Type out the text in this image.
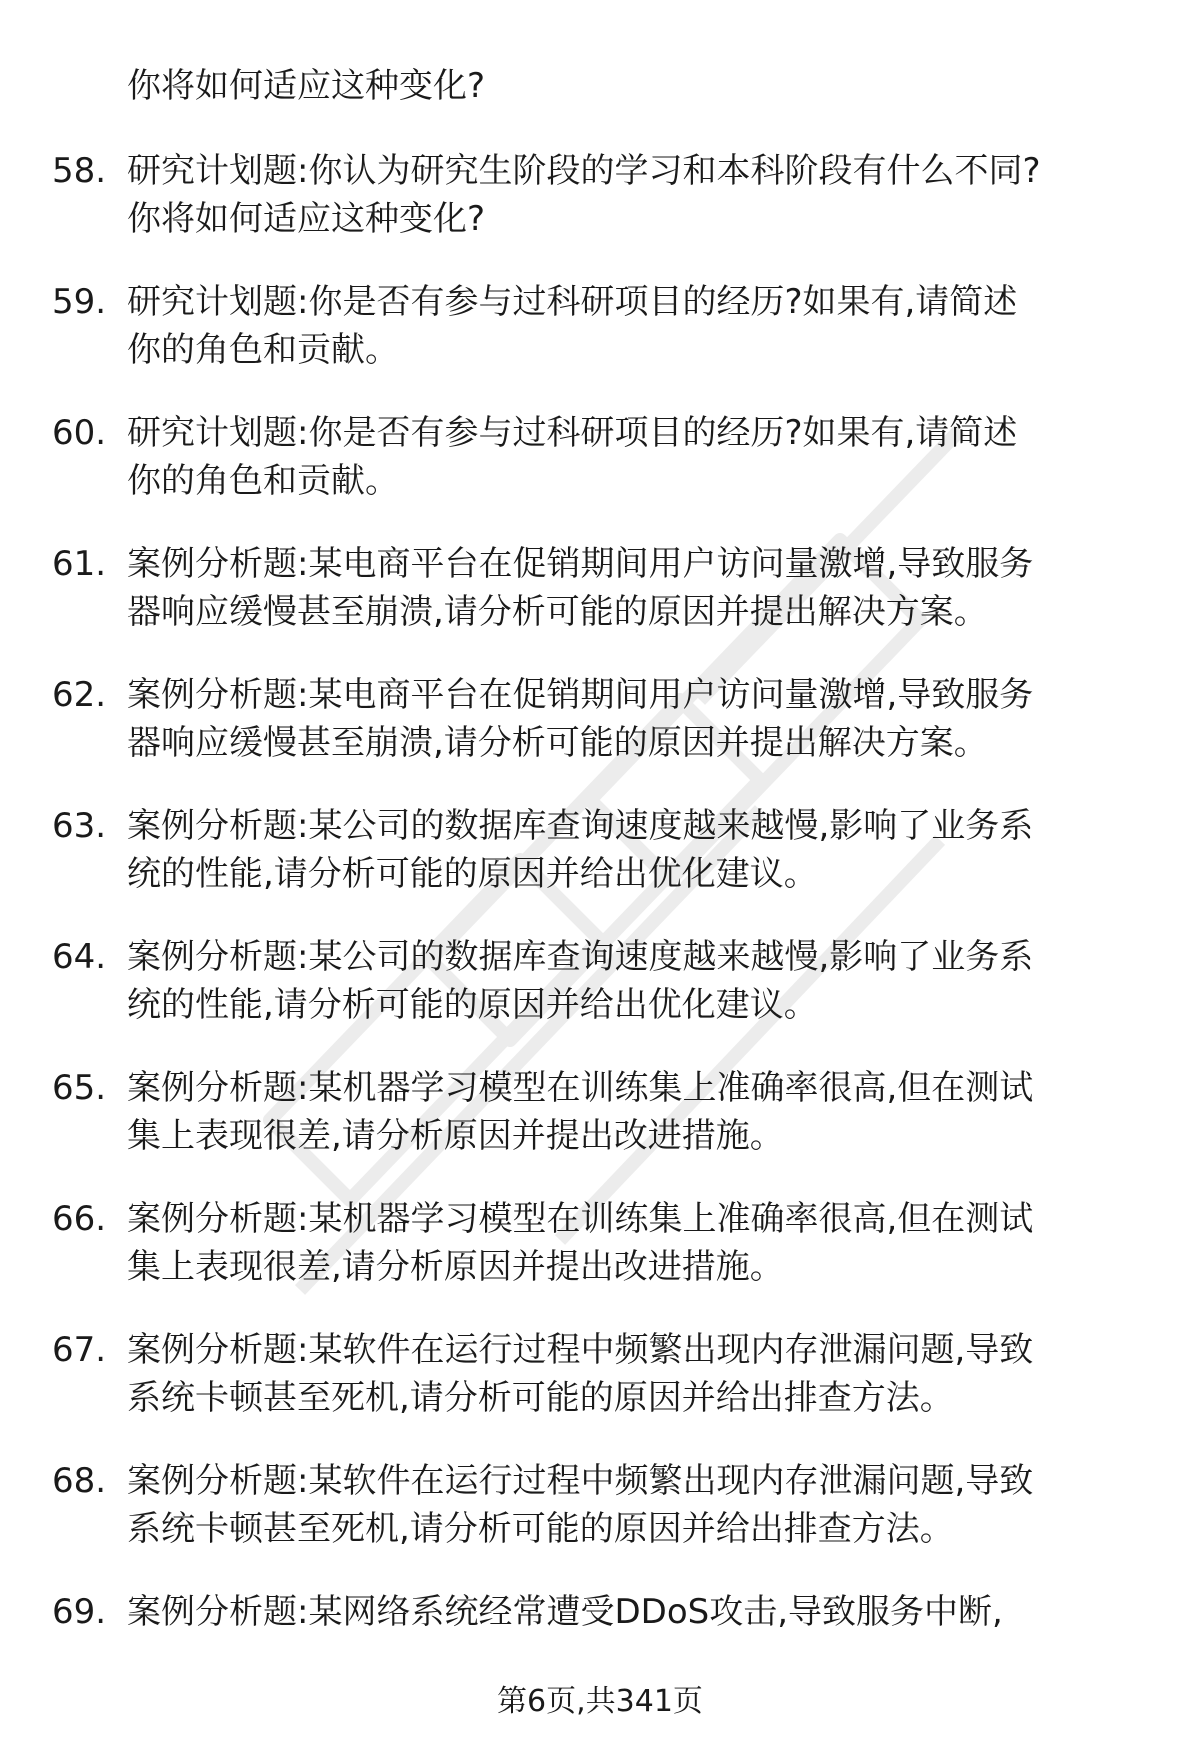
你将如何适应这种变化?
58. 研究计划题:你认为研究生阶段的学习和本科阶段有什么不同?
你将如何适应这种变化?
59. 研究计划题:你是否有参与过科研项目的经历?如果有,请简述
你的角色和贡献。
60. 研究计划题:你是否有参与过科研项目的经历?如果有,请简述
你的角色和贡献。
61. 案例分析题:某电商平台在促销期间用户访问量激增,导致服务
器响应缓慢甚至崩溃,请分析可能的原因并提出解决方案。
62. 案例分析题:某电商平台在促销期间用户访问量激增,导致服务
器响应缓慢甚至崩溃,请分析可能的原因并提出解决方案。
63. 案例分析题:某公司的数据库查询速度越来越慢,影响了业务系
统的性能,请分析可能的原因并给出优化建议。
64. 案例分析题:某公司的数据库查询速度越来越慢,影响了业务系
统的性能,请分析可能的原因并给出优化建议。
65. 案例分析题:某机器学习模型在训练集上准确率很高,但在测试
集上表现很差,请分析原因并提出改进措施。
66. 案例分析题:某机器学习模型在训练集上准确率很高,但在测试
集上表现很差,请分析原因并提出改进措施。
67. 案例分析题:某软件在运行过程中频繁出现内存泄漏问题,导致
系统卡顿甚至死机,请分析可能的原因并给出排查方法。
68. 案例分析题:某软件在运行过程中频繁出现内存泄漏问题,导致
系统卡顿甚至死机,请分析可能的原因并给出排查方法。
69. 案例分析题:某网络系统经常遭受DDoS攻击,导致服务中断,
第6页,共341页
